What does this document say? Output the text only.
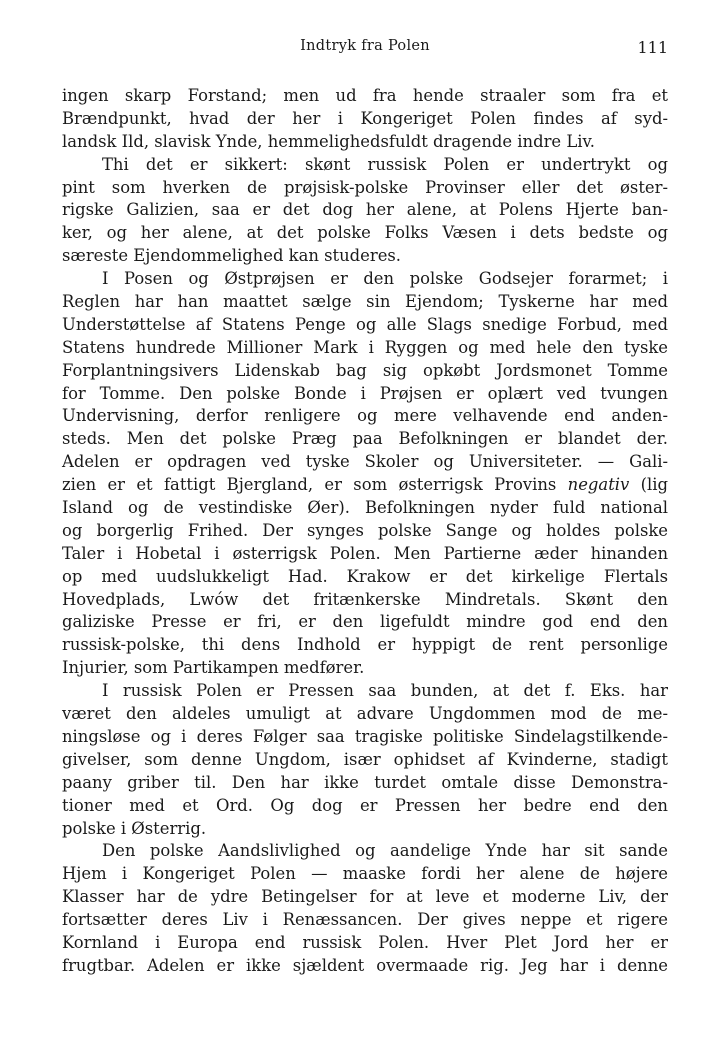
Indtryk fra Polen	111
ingen skarp Forstand; men ud fra hende straaler som fra et
Brændpunkt, hvad der her i Kongeriget Polen findes af syd-
landsk Ild, slavisk Ynde, hemmelighedsfuldt dragende indre Liv.
Thi det er sikkert: skønt russisk Polen er undertrykt og
pint som hverken de prøjsisk-polske Provinser eller det øster-
rigske Galizien, saa er det dog her alene, at Polens Hjerte ban-
ker, og her alene, at det polske Folks Væsen i dets bedste og
særeste Ejendommelighed kan studeres.
I Posen og Østprøjsen er den polske Godsejer forarmet; i
Reglen har han maattet sælge sin Ejendom; Tyskerne har med
Understøttelse af Statens Penge og alle Slags snedige Forbud, med
Statens hundrede Millioner Mark i Ryggen og med hele den tyske
Forplantningsivers Lidenskab bag sig opkøbt Jordsmonet Tomme
for Tomme. Den polske Bonde i Prøjsen er oplært ved tvungen
Undervisning, derfor renligere og mere velhavende end anden-
steds. Men det polske Præg paa Befolkningen er blandet der.
Adelen er opdragen ved tyske Skoler og Universiteter. — Gali-
zien er et fattigt Bjergland, er som østerrigsk Provins negativ (lig
Island og de vestindiske Øer). Befolkningen nyder fuld national
og borgerlig Frihed. Der synges polske Sange og holdes polske
Taler i Hobetal i østerrigsk Polen. Men Partierne æder hinanden
op med uudslukkeligt Had. Krakow er det kirkelige Flertals
Hovedplads, Lwów det fritænkerske Mindretals. Skønt den
galiziske Presse er fri, er den ligefuldt mindre god end den
russisk-polske, thi dens Indhold er hyppigt de rent personlige
Injurier, som Partikampen medfører.
I russisk Polen er Pressen saa bunden, at det f. Eks. har
været den aldeles umuligt at advare Ungdommen mod de me-
ningsløse og i deres Følger saa tragiske politiske Sindelagstilkende-
givelser, som denne Ungdom, især ophidset af Kvinderne, stadigt
paany griber til. Den har ikke turdet omtale disse Demonstra-
tioner med et Ord. Og dog er Pressen her bedre end den
polske i Østerrig.
Den polske Aandslivlighed og aandelige Ynde har sit sande
Hjem i Kongeriget Polen — maaske fordi her alene de højere
Klasser har de ydre Betingelser for at leve et moderne Liv, der
fortsætter deres Liv i Renæssancen. Der gives neppe et rigere
Kornland i Europa end russisk Polen. Hver Plet Jord her er
frugtbar. Adelen er ikke sjældent overmaade rig. Jeg har i denne
